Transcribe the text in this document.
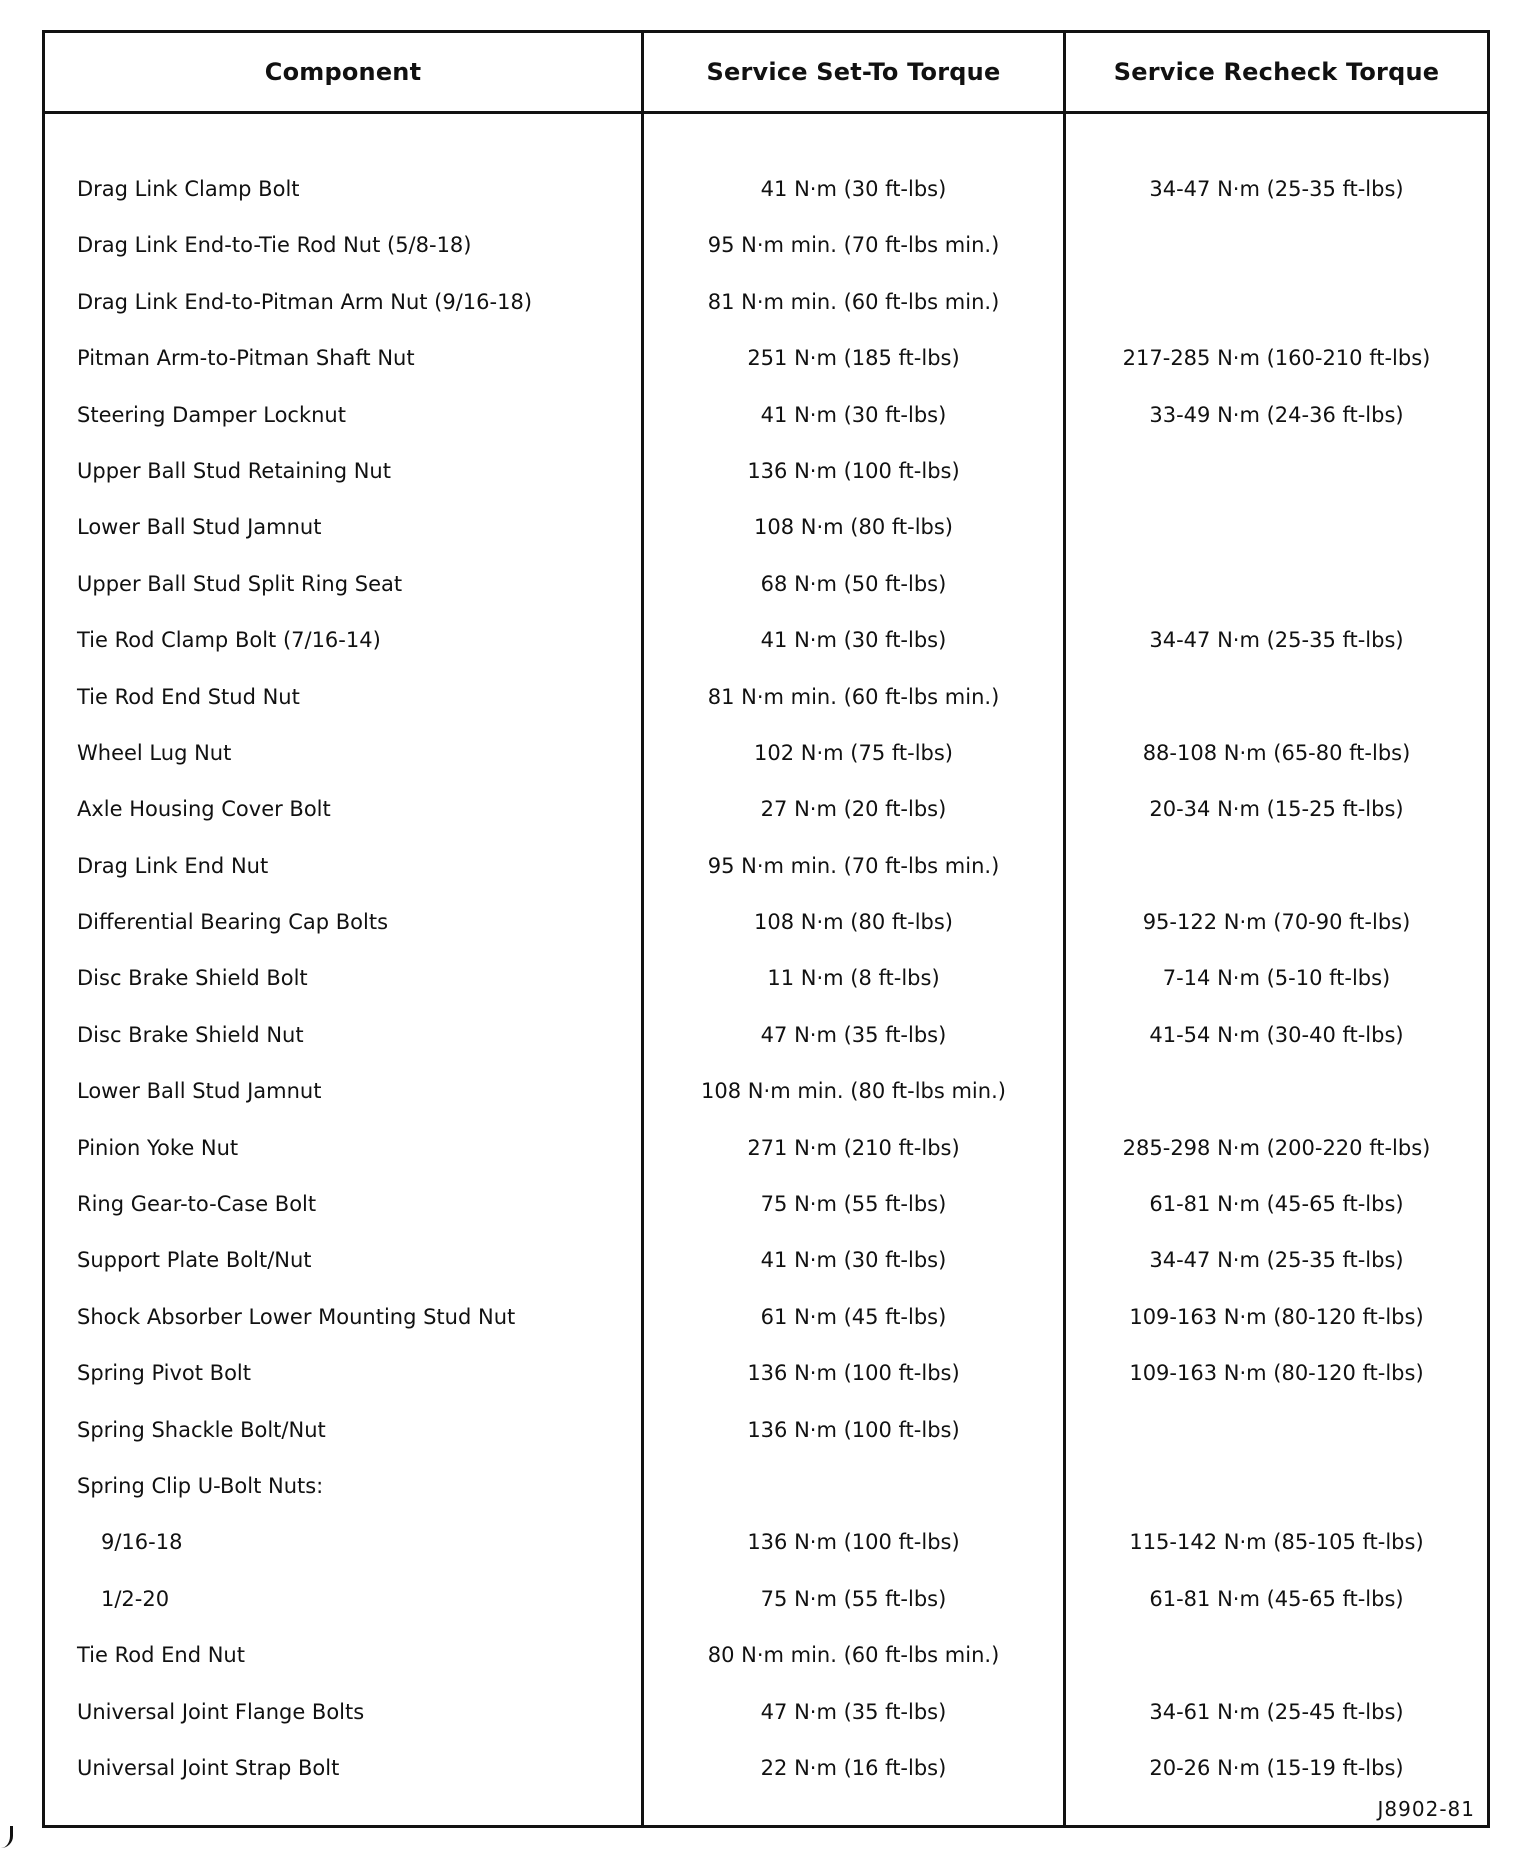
Component	Service Set-To Torque	Service Recheck Torque
Drag Link Clamp Bolt	41 N·m (30 ft-lbs)	34-47 N·m (25-35 ft-lbs)
Drag Link End-to-Tie Rod Nut (5/8-18)	95 N·m min. (70 ft-lbs min.)
Drag Link End-to-Pitman Arm Nut (9/16-18)	81 N·m min. (60 ft-lbs min.)
Pitman Arm-to-Pitman Shaft Nut	251 N·m (185 ft-lbs)	217-285 N·m (160-210 ft-lbs)
Steering Damper Locknut	41 N·m (30 ft-lbs)	33-49 N·m (24-36 ft-lbs)
Upper Ball Stud Retaining Nut	136 N·m (100 ft-lbs)
Lower Ball Stud Jamnut	108 N·m (80 ft-lbs)
Upper Ball Stud Split Ring Seat	68 N·m (50 ft-lbs)
Tie Rod Clamp Bolt (7/16-14)	41 N·m (30 ft-lbs)	34-47 N·m (25-35 ft-lbs)
Tie Rod End Stud Nut	81 N·m min. (60 ft-lbs min.)
Wheel Lug Nut	102 N·m (75 ft-lbs)	88-108 N·m (65-80 ft-lbs)
Axle Housing Cover Bolt	27 N·m (20 ft-lbs)	20-34 N·m (15-25 ft-lbs)
Drag Link End Nut	95 N·m min. (70 ft-lbs min.)
Differential Bearing Cap Bolts	108 N·m (80 ft-lbs)	95-122 N·m (70-90 ft-lbs)
Disc Brake Shield Bolt	11 N·m (8 ft-lbs)	7-14 N·m (5-10 ft-lbs)
Disc Brake Shield Nut	47 N·m (35 ft-lbs)	41-54 N·m (30-40 ft-lbs)
Lower Ball Stud Jamnut	108 N·m min. (80 ft-lbs min.)
Pinion Yoke Nut	271 N·m (210 ft-lbs)	285-298 N·m (200-220 ft-lbs)
Ring Gear-to-Case Bolt	75 N·m (55 ft-lbs)	61-81 N·m (45-65 ft-lbs)
Support Plate Bolt/Nut	41 N·m (30 ft-lbs)	34-47 N·m (25-35 ft-lbs)
Shock Absorber Lower Mounting Stud Nut	61 N·m (45 ft-lbs)	109-163 N·m (80-120 ft-lbs)
Spring Pivot Bolt	136 N·m (100 ft-lbs)	109-163 N·m (80-120 ft-lbs)
Spring Shackle Bolt/Nut	136 N·m (100 ft-lbs)
Spring Clip U-Bolt Nuts:
9/16-18	136 N·m (100 ft-lbs)	115-142 N·m (85-105 ft-lbs)
1/2-20	75 N·m (55 ft-lbs)	61-81 N·m (45-65 ft-lbs)
Tie Rod End Nut	80 N·m min. (60 ft-lbs min.)
Universal Joint Flange Bolts	47 N·m (35 ft-lbs)	34-61 N·m (25-45 ft-lbs)
Universal Joint Strap Bolt	22 N·m (16 ft-lbs)	20-26 N·m (15-19 ft-lbs)
J8902-81
